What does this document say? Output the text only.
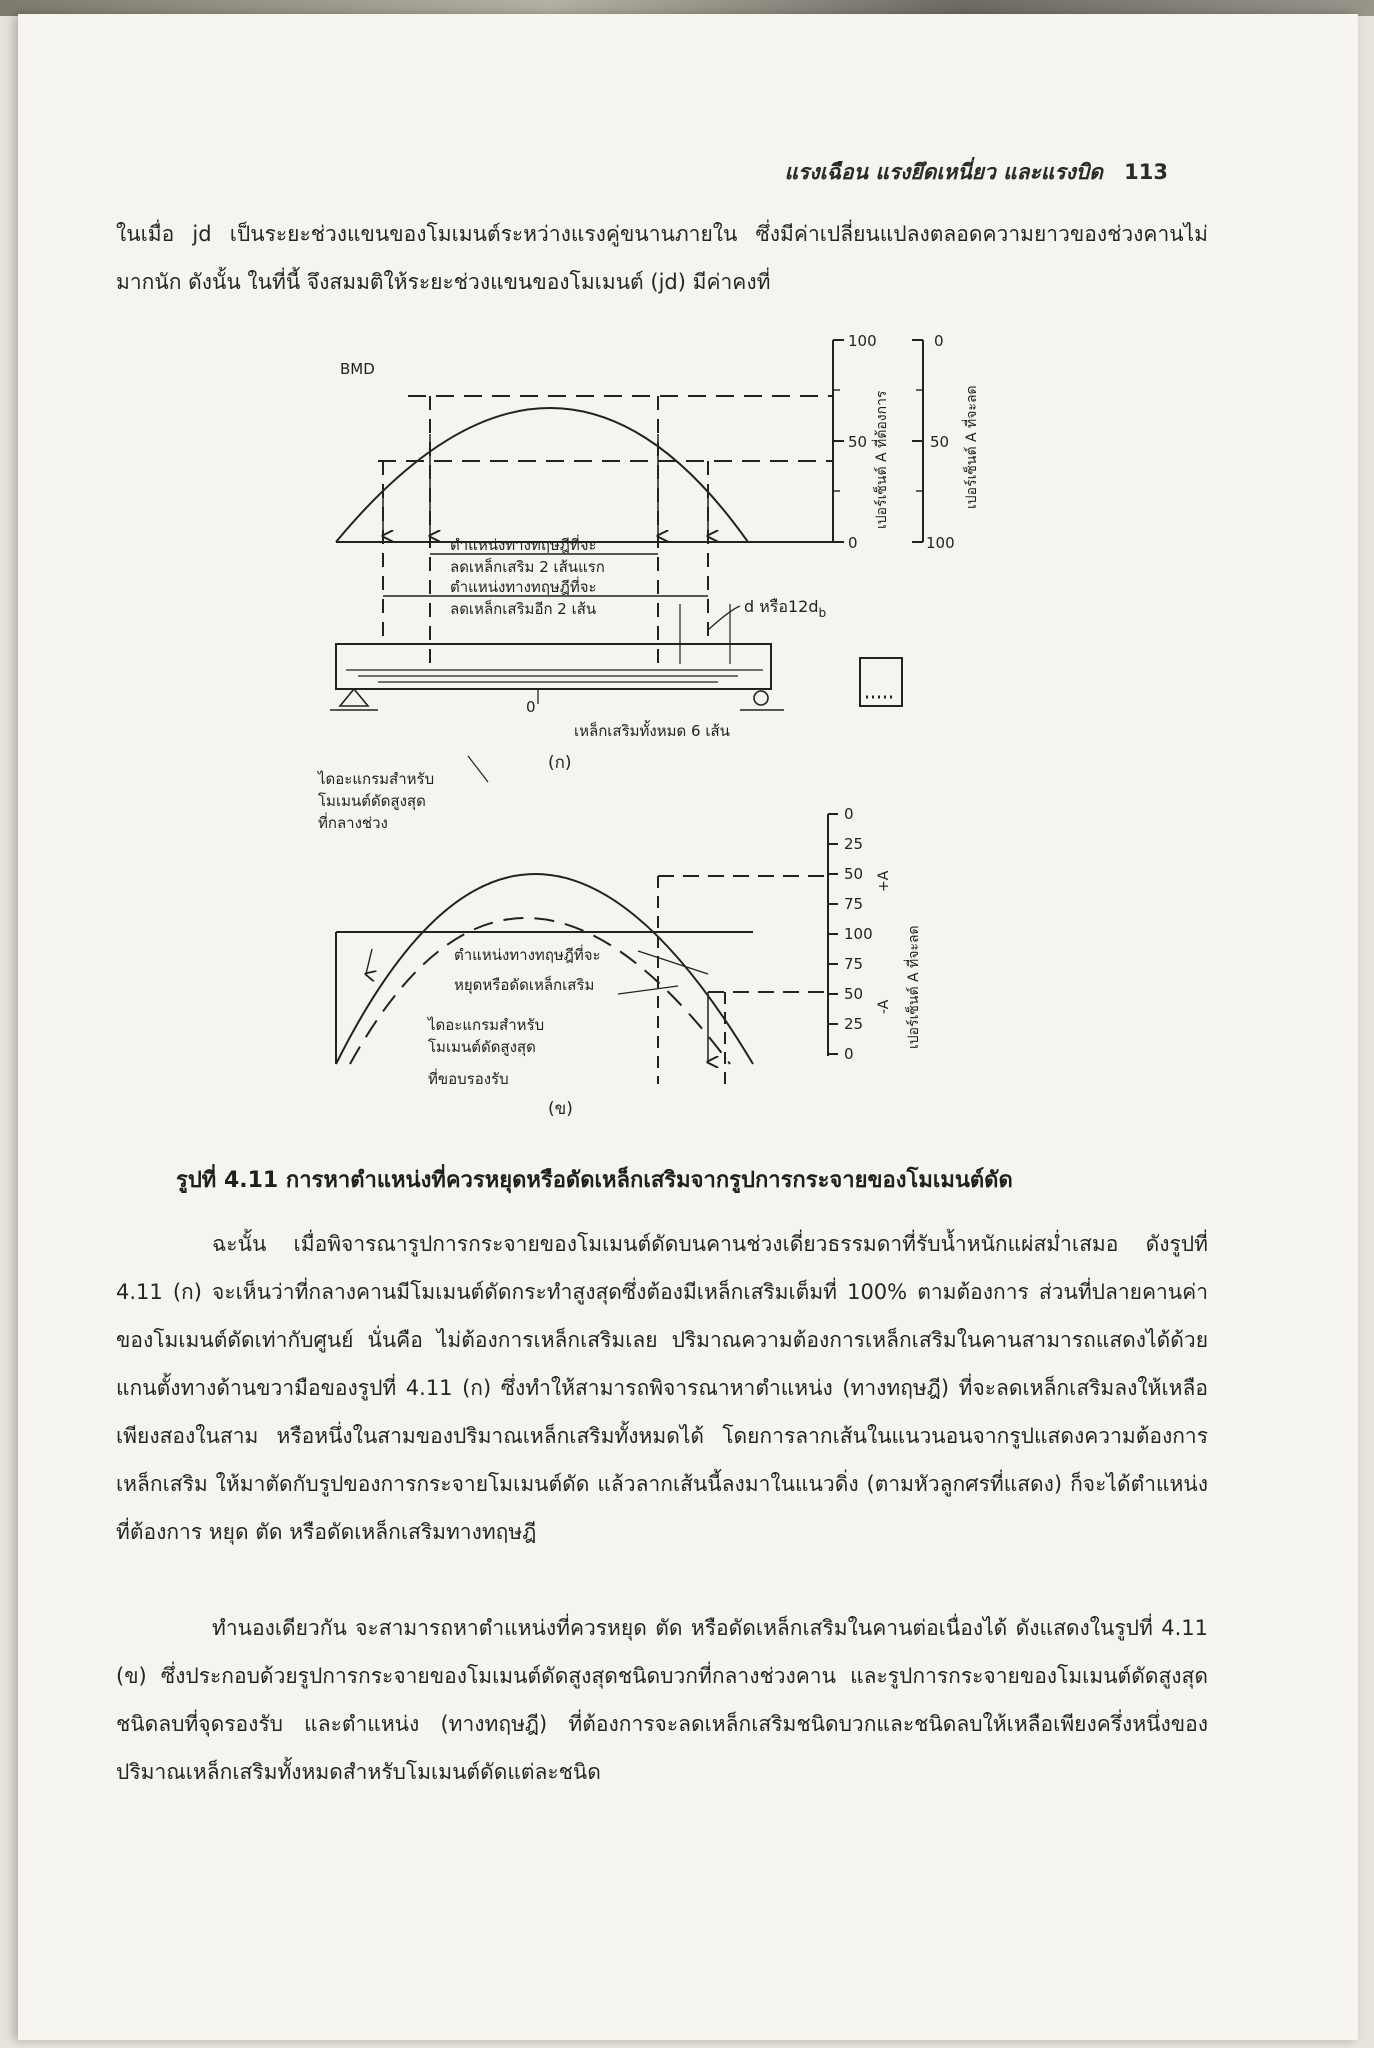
แรงเฉือน แรงยึดเหนี่ยว และแรงบิด 113
ในเมื่อ jd เป็นระยะช่วงแขนของโมเมนต์ระหว่างแรงคู่ขนานภายใน ซึ่งมีค่าเปลี่ยนแปลงตลอดความยาวของช่วงคานไม่มากนัก ดังนั้น ในที่นี้ จึงสมมติให้ระยะช่วงแขนของโมเมนต์ (jd) มีค่าคงที่
BMD
ตำแหน่งทางทฤษฎีที่จะ
ลดเหล็กเสริม 2 เส้นแรก
ตำแหน่งทางทฤษฎีที่จะ
ลดเหล็กเสริมอีก 2 เส้น	d หรือ$12d_b$
0
เหล็กเสริมทั้งหมด 6 เส้น
(ก)
100
50
0
0
50
100
เปอร์เซ็นต์ A ที่ต้องการ	เปอร์เซ็นต์ A ที่จะลด
ไดอะแกรมสำหรับ
โมเมนต์ดัดสูงสุด
ที่กลางช่วง
ตำแหน่งทางทฤษฎีที่จะ
หยุดหรือดัดเหล็กเสริม
ไดอะแกรมสำหรับ
โมเมนต์ดัดสูงสุด
ที่ขอบรองรับ
(ข)
0
25
50
75
100
75
50
25
0
+A
-A เปอร์เซ็นต์ A ที่จะลด
รูปที่ 4.11 การหาตำแหน่งที่ควรหยุดหรือดัดเหล็กเสริมจากรูปการกระจายของโมเมนต์ดัด
ฉะนั้น เมื่อพิจารณารูปการกระจายของโมเมนต์ดัดบนคานช่วงเดี่ยวธรรมดาที่รับน้ำหนักแผ่สม่ำเสมอ ดังรูปที่ 4.11 (ก) จะเห็นว่าที่กลางคานมีโมเมนต์ดัดกระทำสูงสุดซึ่งต้องมีเหล็กเสริมเต็มที่ 100% ตามต้องการ ส่วนที่ปลายคานค่าของโมเมนต์ดัดเท่ากับศูนย์ นั่นคือ ไม่ต้องการเหล็กเสริมเลย ปริมาณความต้องการเหล็กเสริมในคานสามารถแสดงได้ด้วยแกนตั้งทางด้านขวามือของรูปที่ 4.11 (ก) ซึ่งทำให้สามารถพิจารณาหาตำแหน่ง (ทางทฤษฎี) ที่จะลดเหล็กเสริมลงให้เหลือเพียงสองในสาม หรือหนึ่งในสามของปริมาณเหล็กเสริมทั้งหมดได้ โดยการลากเส้นในแนวนอนจากรูปแสดงความต้องการเหล็กเสริม ให้มาตัดกับรูปของการกระจายโมเมนต์ดัด แล้วลากเส้นนี้ลงมาในแนวดิ่ง (ตามหัวลูกศรที่แสดง) ก็จะได้ตำแหน่งที่ต้องการ หยุด ตัด หรือดัดเหล็กเสริมทางทฤษฎี
ทำนองเดียวกัน จะสามารถหาตำแหน่งที่ควรหยุด ตัด หรือดัดเหล็กเสริมในคานต่อเนื่องได้ ดังแสดงในรูปที่ 4.11 (ข) ซึ่งประกอบด้วยรูปการกระจายของโมเมนต์ดัดสูงสุดชนิดบวกที่กลางช่วงคาน และรูปการกระจายของโมเมนต์ดัดสูงสุดชนิดลบที่จุดรองรับ และตำแหน่ง (ทางทฤษฎี) ที่ต้องการจะลดเหล็กเสริมชนิดบวกและชนิดลบให้เหลือเพียงครึ่งหนึ่งของปริมาณเหล็กเสริมทั้งหมดสำหรับโมเมนต์ดัดแต่ละชนิด
